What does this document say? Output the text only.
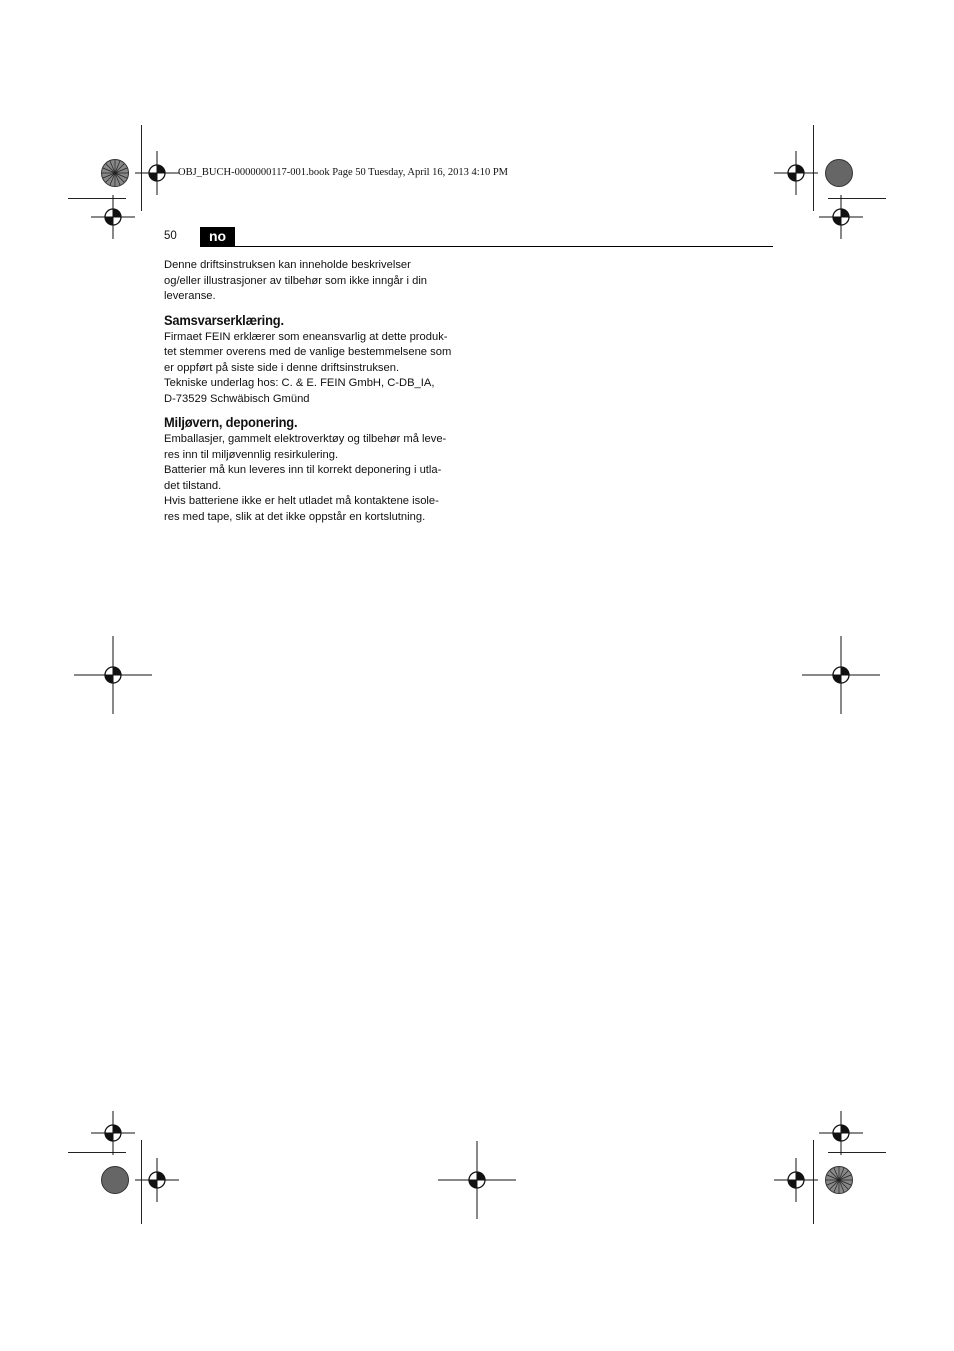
OBJ_BUCH-0000000117-001.book Page 50 Tuesday, April 16, 2013 4:10 PM
50	no

Denne driftsinstruksen kan inneholde beskrivelser

og/eller illustrasjoner av tilbehør som ikke inngår i din

leveranse.

Samsvarserklæring.

Firmaet FEIN erklærer som eneansvarlig at dette produk-

tet stemmer overens med de vanlige bestemmelsene som

er oppført på siste side i denne driftsinstruksen.

Tekniske underlag hos: C. & E. FEIN GmbH, C-DB_IA,

D-73529 Schwäbisch Gmünd

Miljøvern, deponering.

Emballasjer, gammelt elektroverktøy og tilbehør må leve-

res inn til miljøvennlig resirkulering.

Batterier må kun leveres inn til korrekt deponering i utla-

det tilstand.

Hvis batteriene ikke er helt utladet må kontaktene isole-

res med tape, slik at det ikke oppstår en kortslutning.
